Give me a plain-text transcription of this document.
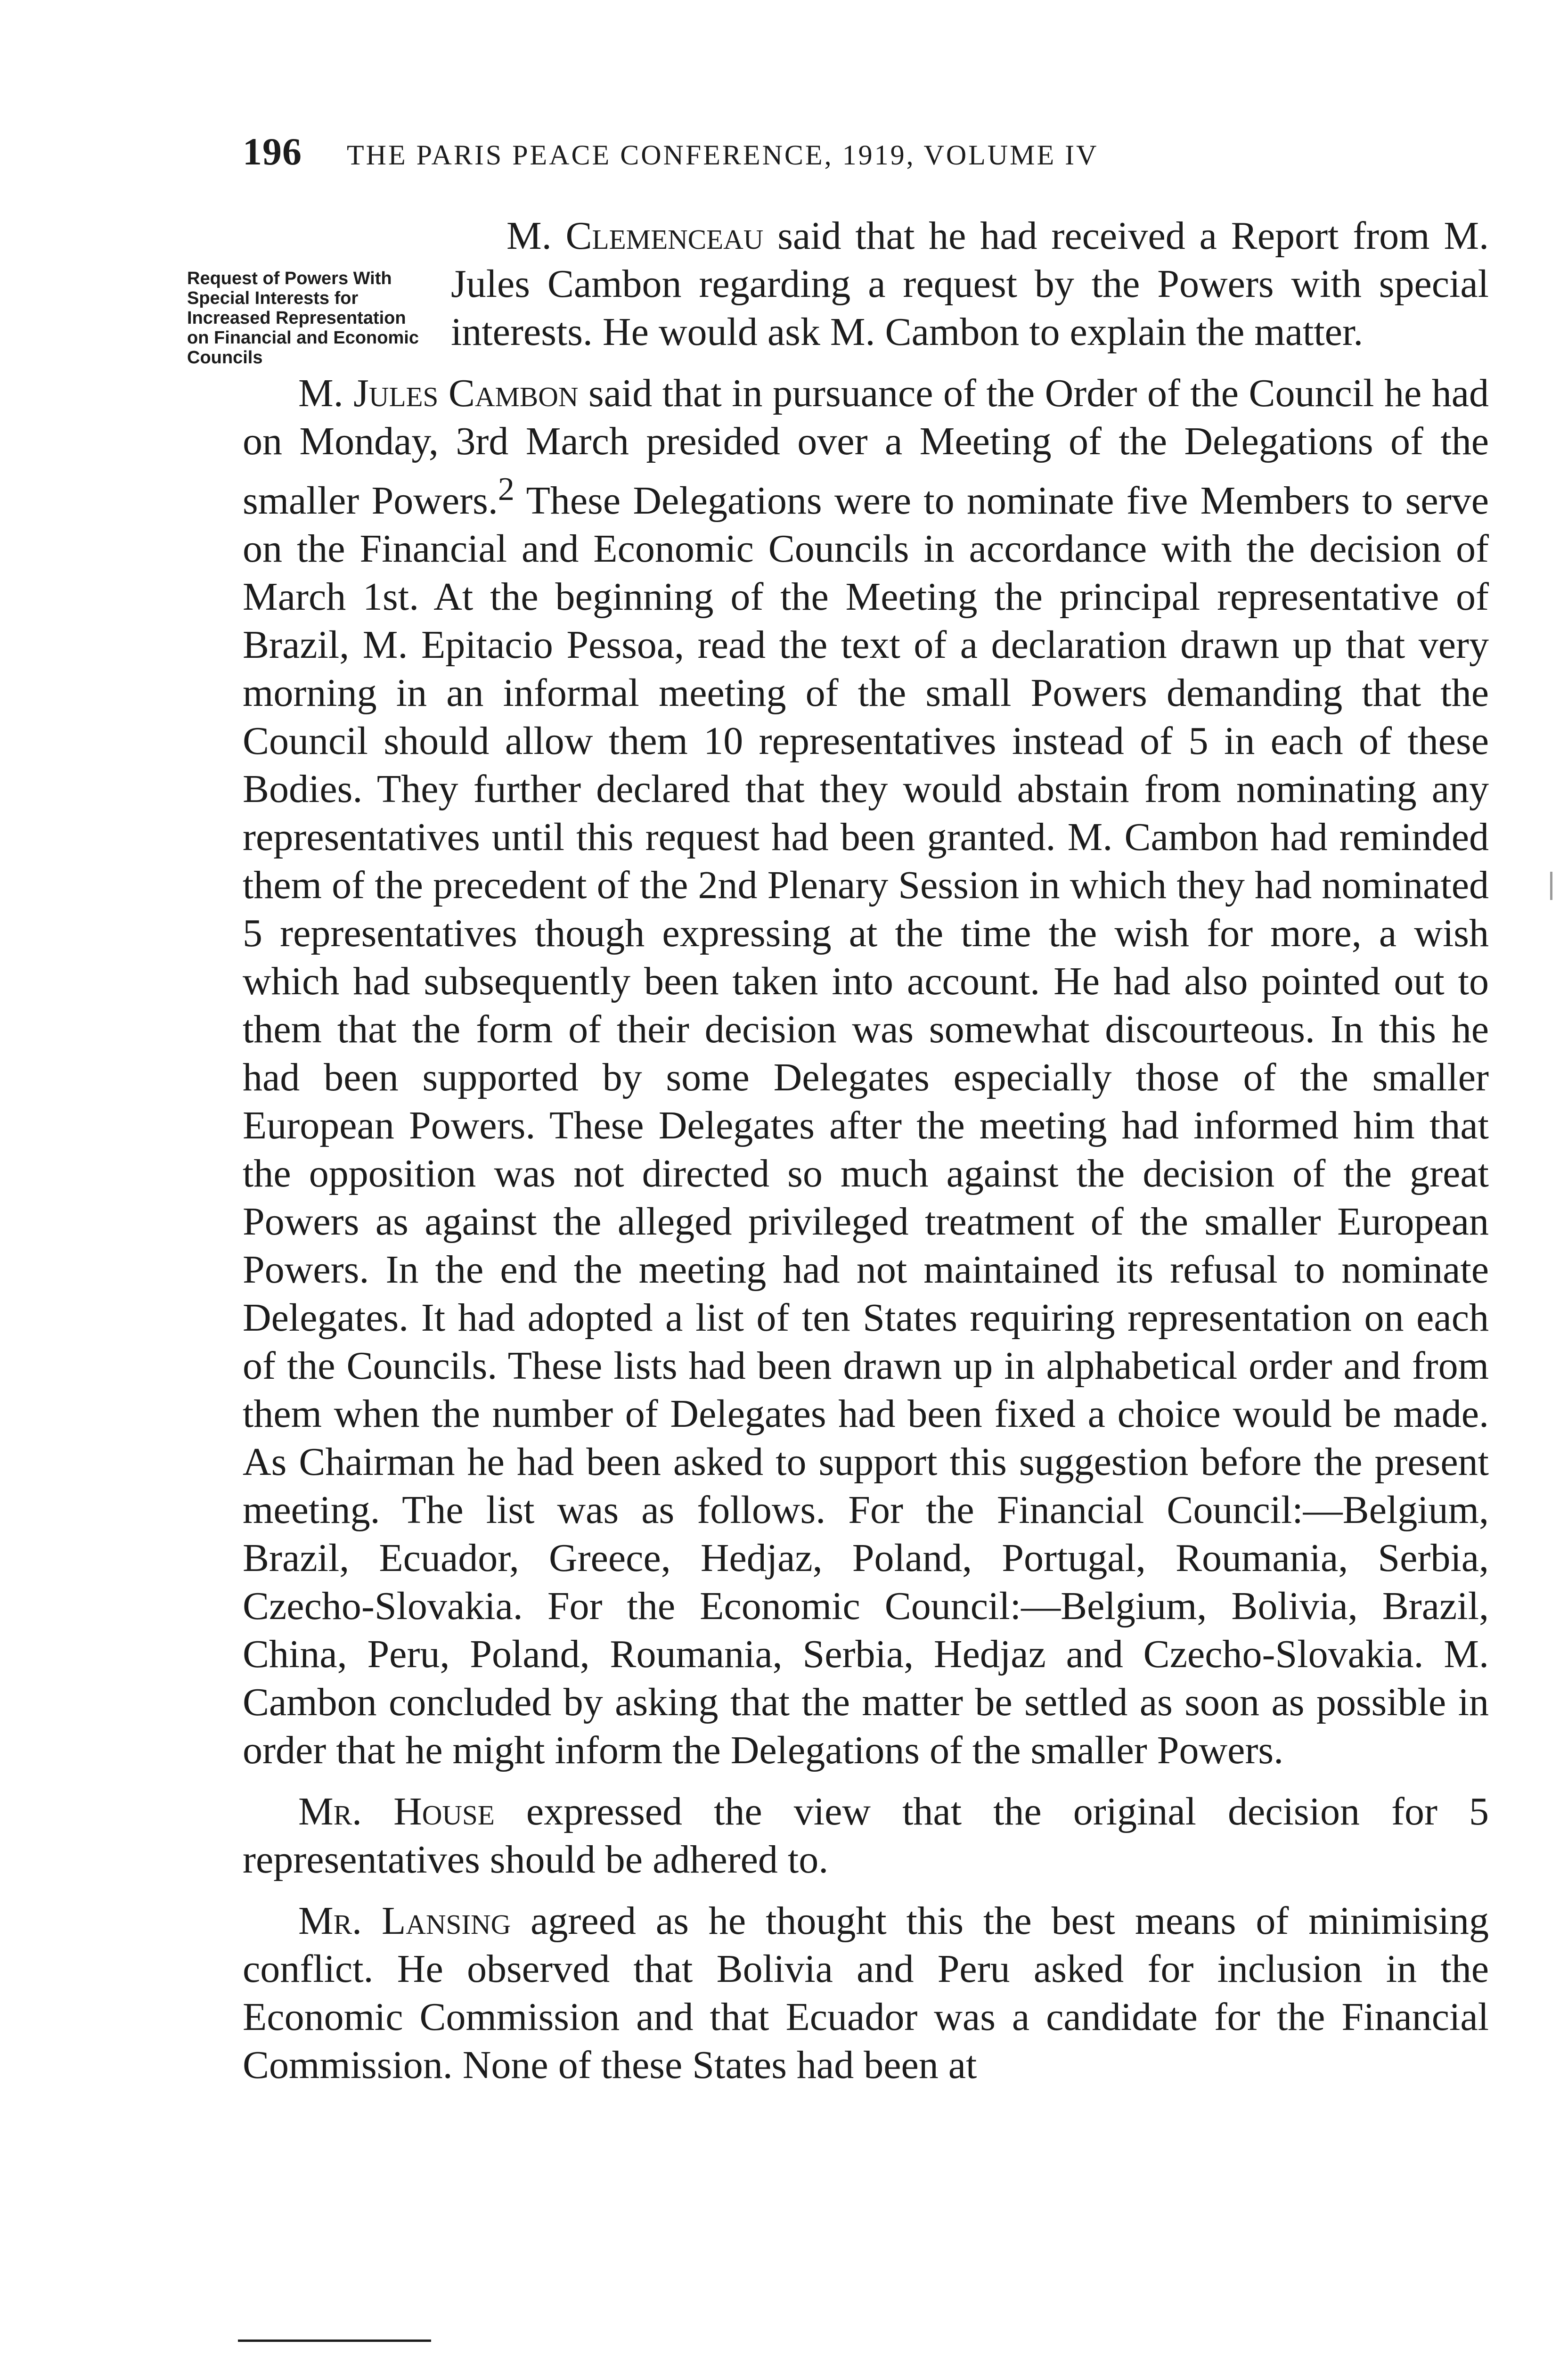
196 THE PARIS PEACE CONFERENCE, 1919, VOLUME IV

Request of Powers With Special Interests for Increased Representation on Financial and Economic Councils
M. Clemenceau said that he had received a Report from M. Jules Cambon regarding a request by the Powers with special interests. He would ask M. Cambon to explain the matter.

M. Jules Cambon said that in pursuance of the Order of the Council he had on Monday, 3rd March presided over a Meeting of the Delegations of the smaller Powers.$^2$ These Delegations were to nominate five Members to serve on the Financial and Economic Councils in accordance with the decision of March 1st. At the beginning of the Meeting the principal representative of Brazil, M. Epitacio Pessoa, read the text of a declaration drawn up that very morning in an informal meeting of the small Powers demanding that the Council should allow them 10 representatives instead of 5 in each of these Bodies. They further declared that they would abstain from nominating any representatives until this request had been granted. M. Cambon had reminded them of the precedent of the 2nd Plenary Session in which they had nominated 5 representatives though expressing at the time the wish for more, a wish which had subsequently been taken into account. He had also pointed out to them that the form of their decision was somewhat discourteous. In this he had been supported by some Delegates especially those of the smaller European Powers. These Delegates after the meeting had informed him that the opposition was not directed so much against the decision of the great Powers as against the alleged privileged treatment of the smaller European Powers. In the end the meeting had not maintained its refusal to nominate Delegates. It had adopted a list of ten States requiring representation on each of the Councils. These lists had been drawn up in alphabetical order and from them when the number of Delegates had been fixed a choice would be made. As Chairman he had been asked to support this suggestion before the present meeting. The list was as follows. For the Financial Council:—Belgium, Brazil, Ecuador, Greece, Hedjaz, Poland, Portugal, Roumania, Serbia, Czecho-Slovakia. For the Economic Council:—Belgium, Bolivia, Brazil, China, Peru, Poland, Roumania, Serbia, Hedjaz and Czecho-Slovakia. M. Cambon concluded by asking that the matter be settled as soon as possible in order that he might inform the Delegations of the smaller Powers.

Mr. House expressed the view that the original decision for 5 representatives should be adhered to.

Mr. Lansing agreed as he thought this the best means of minimising conflict. He observed that Bolivia and Peru asked for inclusion in the Economic Commission and that Ecuador was a candidate for the Financial Commission. None of these States had been at
